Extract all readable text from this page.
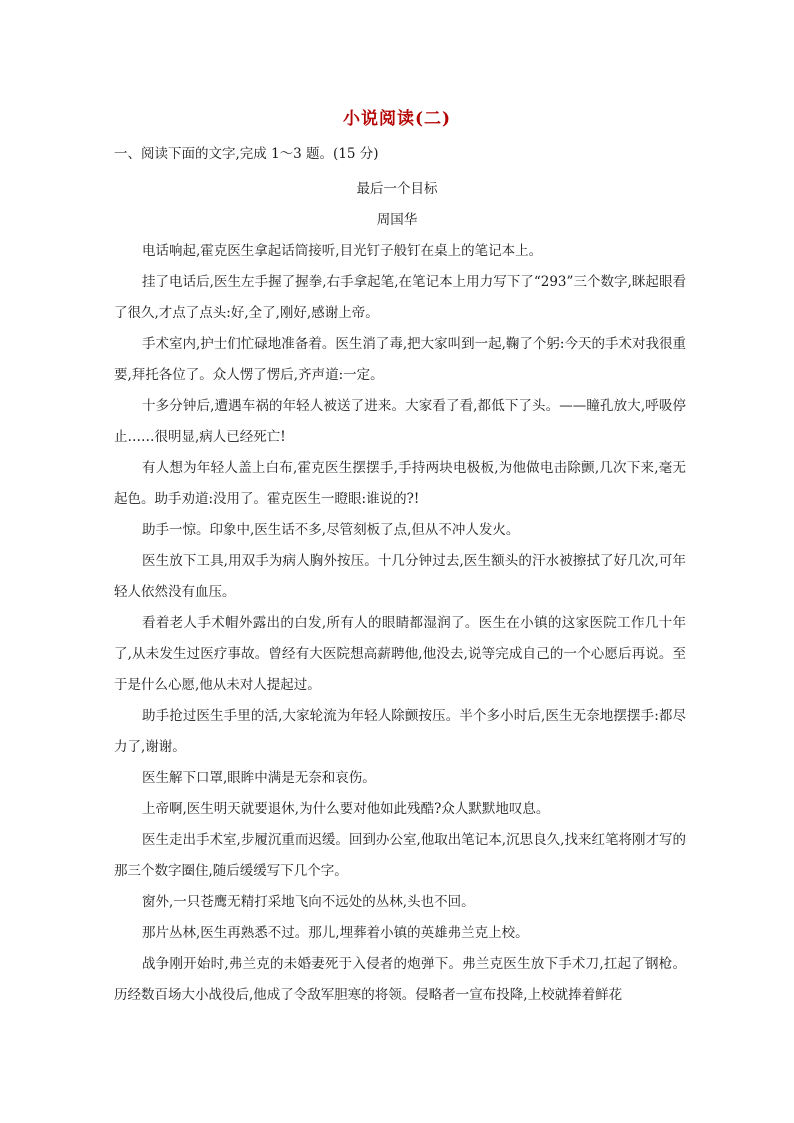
小说阅读(二)
一、阅读下面的文字,完成 1～3 题。(15 分)
最后一个目标
周国华

电话响起,霍克医生拿起话筒接听,目光钉子般钉在桌上的笔记本上。

挂了电话后,医生左手握了握拳,右手拿起笔,在笔记本上用力写下了“293”三个数字,眯起眼看了很久,才点了点头:好,全了,刚好,感谢上帝。

手术室内,护士们忙碌地准备着。医生消了毒,把大家叫到一起,鞠了个躬:今天的手术对我很重要,拜托各位了。众人愣了愣后,齐声道:一定。

十多分钟后,遭遇车祸的年轻人被送了进来。大家看了看,都低下了头。——瞳孔放大,呼吸停止……很明显,病人已经死亡!

有人想为年轻人盖上白布,霍克医生摆摆手,手持两块电极板,为他做电击除颤,几次下来,毫无起色。助手劝道:没用了。霍克医生一瞪眼:谁说的?!

助手一惊。印象中,医生话不多,尽管刻板了点,但从不冲人发火。

医生放下工具,用双手为病人胸外按压。十几分钟过去,医生额头的汗水被擦拭了好几次,可年轻人依然没有血压。

看着老人手术帽外露出的白发,所有人的眼睛都湿润了。医生在小镇的这家医院工作几十年了,从未发生过医疗事故。曾经有大医院想高薪聘他,他没去,说等完成自己的一个心愿后再说。至于是什么心愿,他从未对人提起过。

助手抢过医生手里的活,大家轮流为年轻人除颤按压。半个多小时后,医生无奈地摆摆手:都尽力了,谢谢。

医生解下口罩,眼眸中满是无奈和哀伤。

上帝啊,医生明天就要退休,为什么要对他如此残酷?众人默默地叹息。

医生走出手术室,步履沉重而迟缓。回到办公室,他取出笔记本,沉思良久,找来红笔将刚才写的那三个数字圈住,随后缓缓写下几个字。

窗外,一只苍鹰无精打采地飞向不远处的丛林,头也不回。

那片丛林,医生再熟悉不过。那儿,埋葬着小镇的英雄弗兰克上校。

战争刚开始时,弗兰克的未婚妻死于入侵者的炮弹下。弗兰克医生放下手术刀,扛起了钢枪。历经数百场大小战役后,他成了令敌军胆寒的将领。侵略者一宣布投降,上校就捧着鲜花
